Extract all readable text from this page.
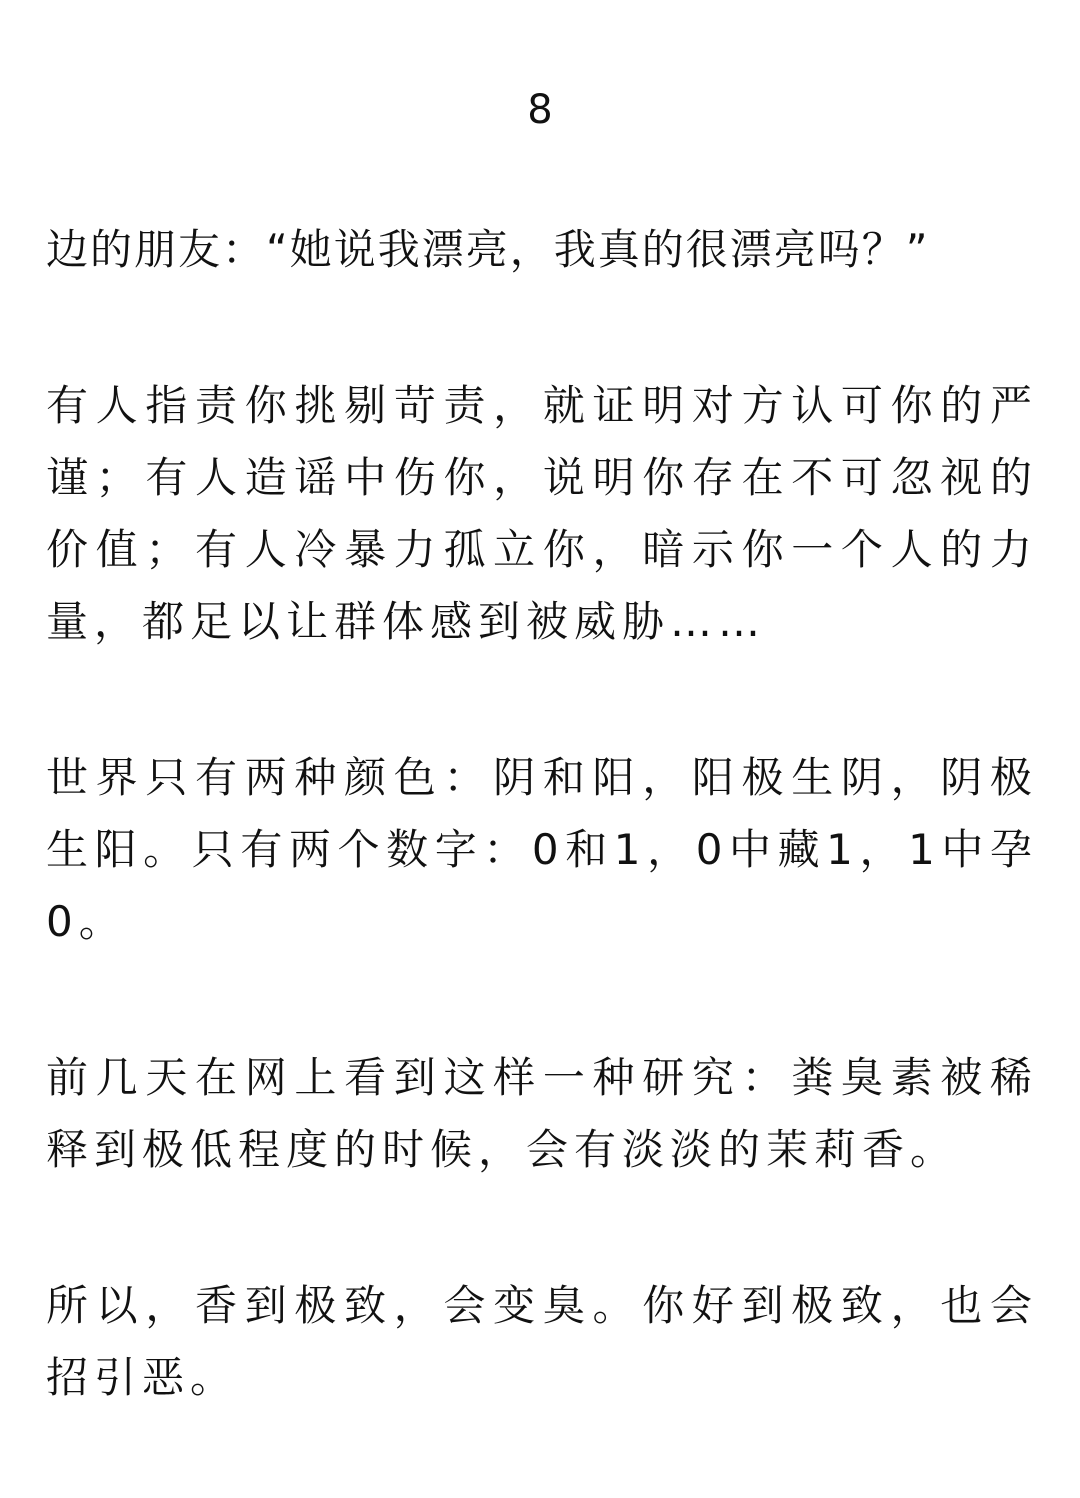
8

边的朋友：“她说我漂亮，我真的很漂亮吗？”

有人指责你挑剔苛责，就证明对方认可你的严谨；有人造谣中伤你，说明你存在不可忽视的价值；有人冷暴力孤立你，暗示你一个人的力量，都足以让群体感到被威胁……

世界只有两种颜色：阴和阳，阳极生阴，阴极生阳。只有两个数字：0和1，0中藏1，1中孕0。

前几天在网上看到这样一种研究：粪臭素被稀释到极低程度的时候，会有淡淡的茉莉香。

所以，香到极致，会变臭。你好到极致，也会招引恶。
